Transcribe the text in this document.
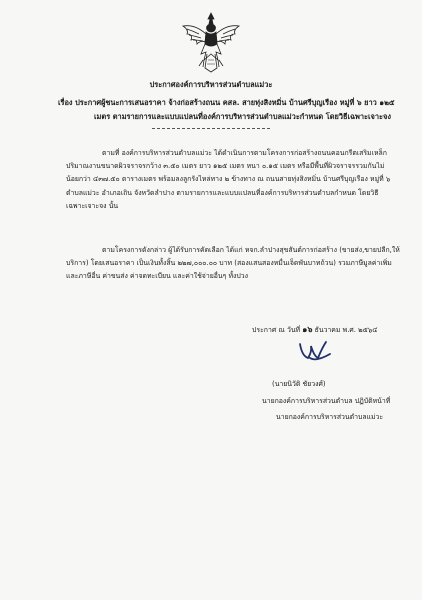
ประกาศองค์การบริหารส่วนตำบลแม่วะ
เรื่อง ประกาศผู้ชนะการเสนอราคา จ้างก่อสร้างถนน คสล. สายทุ่งสิงหมิ่น บ้านศรีบุญเรือง หมู่ที่ ๖ ยาว ๑๒๕
เมตร ตามรายการและแบบแปลนที่องค์การบริหารส่วนตำบลแม่วะกำหนด โดยวิธีเฉพาะเจาะจง
ตามที่ องค์การบริหารส่วนตำบลแม่วะ ได้ดำเนินการตามโครงการก่อสร้างถนนคอนกรีตเสริมเหล็ก
ปริมาณงานขนาดผิวจราจรกว้าง ๓.๕๐ เมตร ยาว ๑๒๕ เมตร หนา ๐.๑๕ เมตร หรือมีพื้นที่ผิวจราจรรวมกันไม่
น้อยกว่า ๔๓๗.๕๐ ตารางเมตร พร้อมลงลูกรังไหล่ทาง ๒ ข้างทาง ณ ถนนสายทุ่งสิงหมิ่น บ้านศรีบุญเรือง หมู่ที่ ๖
ตำบลแม่วะ อำเภอเถิน จังหวัดลำปาง ตามรายการและแบบแปลนที่องค์การบริหารส่วนตำบลกำหนด โดยวิธี
เฉพาะเจาะจง นั้น
ตามโครงการดังกล่าว ผู้ได้รับการคัดเลือก ได้แก่ หจก.ลำปางสุขสันต์การก่อสร้าง (ขายส่ง,ขายปลีก,ให้
บริการ) โดยเสนอราคา เป็นเงินทั้งสิ้น ๒๒๗,๐๐๐.๐๐ บาท (สองแสนสองหมื่นเจ็ดพันบาทถ้วน) รวมภาษีมูลค่าเพิ่ม
และภาษีอื่น ค่าขนส่ง ค่าจดทะเบียน และค่าใช้จ่ายอื่นๆ ทั้งปวง
ประกาศ ณ วันที่ ๑๖ ธันวาคม พ.ศ. ๒๕๖๔
(นายนิวัติ ชัยวงศ์)
นายกองค์การบริหารส่วนตำบล ปฏิบัติหน้าที่
นายกองค์การบริหารส่วนตำบลแม่วะ
